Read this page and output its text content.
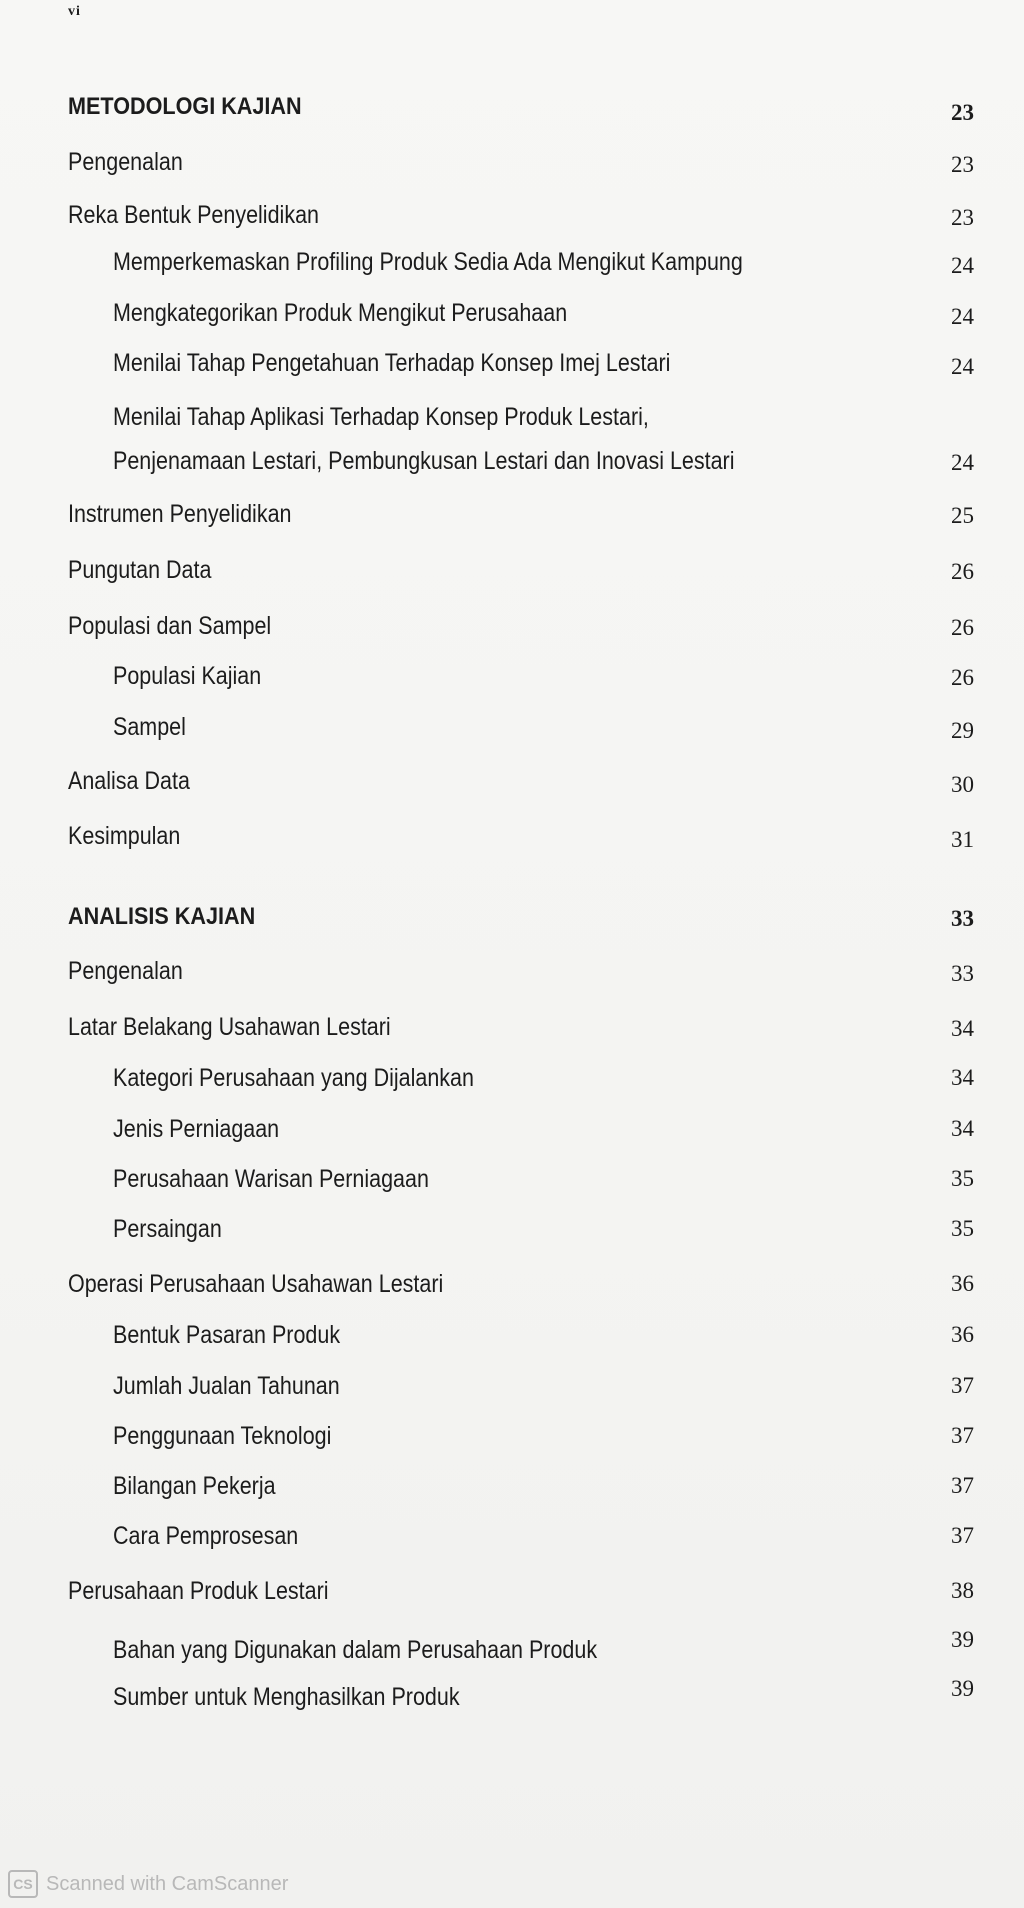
vi
METODOLOGI KAJIAN	23
Pengenalan	23
Reka Bentuk Penyelidikan	23
Memperkemaskan Profiling Produk Sedia Ada Mengikut Kampung	24
Mengkategorikan Produk Mengikut Perusahaan	24
Menilai Tahap Pengetahuan Terhadap Konsep Imej Lestari	24
Menilai Tahap Aplikasi Terhadap Konsep Produk Lestari,
Penjenamaan Lestari, Pembungkusan Lestari dan Inovasi Lestari	24
Instrumen Penyelidikan	25
Pungutan Data	26
Populasi dan Sampel	26
Populasi Kajian	26
Sampel	29
Analisa Data	30
Kesimpulan	31
ANALISIS KAJIAN	33
Pengenalan	33
Latar Belakang Usahawan Lestari	34
Kategori Perusahaan yang Dijalankan	34
Jenis Perniagaan	34
Perusahaan Warisan Perniagaan	35
Persaingan	35
Operasi Perusahaan Usahawan Lestari	36
Bentuk Pasaran Produk	36
Jumlah Jualan Tahunan	37
Penggunaan Teknologi	37
Bilangan Pekerja	37
Cara Pemprosesan	37
Perusahaan Produk Lestari	38
Bahan yang Digunakan dalam Perusahaan Produk	39
Sumber untuk Menghasilkan Produk	39
CS Scanned with CamScanner
